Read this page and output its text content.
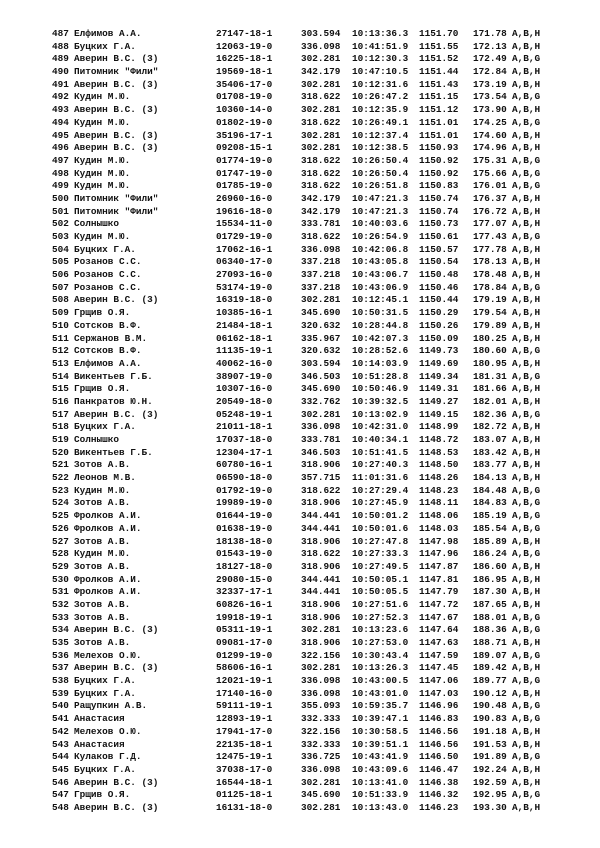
487 Елфимов А.А.	27147-18-1	303.594 10:13:36.3 1151.70 171.78 A,B,H
488 Буцких Г.А.	12063-19-0	336.098 10:41:51.9 1151.55 172.13 A,B,H
489 Аверин В.С. (3)	16225-18-1	302.281 10:12:30.3 1151.52 172.49 A,B,G
490 Питомник "Фили"	19569-18-1	342.179 10:47:10.5 1151.44 172.84 A,B,H
491 Аверин В.С. (3)	35406-17-0	302.281 10:12:31.6 1151.43 173.19 A,B,H
492 Кудин М.Ю.	01708-19-0	318.622 10:26:47.2 1151.15 173.54 A,B,G
493 Аверин В.С. (3)	10360-14-0	302.281 10:12:35.9 1151.12 173.90 A,B,H
494 Кудин М.Ю.	01802-19-0	318.622 10:26:49.1 1151.01 174.25 A,B,G
495 Аверин В.С. (3)	35196-17-1	302.281 10:12:37.4 1151.01 174.60 A,B,H
496 Аверин В.С. (3)	09208-15-1	302.281 10:12:38.5 1150.93 174.96 A,B,H
497 Кудин М.Ю.	01774-19-0	318.622 10:26:50.4 1150.92 175.31 A,B,G
498 Кудин М.Ю.	01747-19-0	318.622 10:26:50.4 1150.92 175.66 A,B,G
499 Кудин М.Ю.	01785-19-0	318.622 10:26:51.8 1150.83 176.01 A,B,G
500 Питомник "Фили"	26960-16-0	342.179 10:47:21.3 1150.74 176.37 A,B,H
501 Питомник "Фили"	19616-18-0	342.179 10:47:21.3 1150.74 176.72 A,B,H
502 Солнышко	15534-11-0	333.781 10:40:03.6 1150.73 177.07 A,B,H
503 Кудин М.Ю.	01729-19-0	318.622 10:26:54.9 1150.61 177.43 A,B,G
504 Буцких Г.А.	17062-16-1	336.098 10:42:06.8 1150.57 177.78 A,B,H
505 Розанов С.С.	06340-17-0	337.218 10:43:05.8 1150.54 178.13 A,B,H
506 Розанов С.С.	27093-16-0	337.218 10:43:06.7 1150.48 178.48 A,B,H
507 Розанов С.С.	53174-19-0	337.218 10:43:06.9 1150.46 178.84 A,B,G
508 Аверин В.С. (3)	16319-18-0	302.281 10:12:45.1 1150.44 179.19 A,B,H
509 Грщив О.Я.	10385-16-1	345.690 10:50:31.5 1150.29 179.54 A,B,H
510 Сотсков В.Ф.	21484-18-1	320.632 10:28:44.8 1150.26 179.89 A,B,H
511 Сержанов В.М.	06162-18-1	335.967 10:42:07.3 1150.09 180.25 A,B,H
512 Сотсков В.Ф.	11135-19-1	320.632 10:28:52.6 1149.73 180.60 A,B,G
513 Елфимов А.А.	40062-16-0	303.594 10:14:03.9 1149.69 180.95 A,B,H
514 Викентьев Г.Б.	38907-19-0	346.503 10:51:28.8 1149.34 181.31 A,B,G
515 Грщив О.Я.	10307-16-0	345.690 10:50:46.9 1149.31 181.66 A,B,H
516 Панкратов Ю.Н.	20549-18-0	332.762 10:39:32.5 1149.27 182.01 A,B,H
517 Аверин В.С. (3)	05248-19-1	302.281 10:13:02.9 1149.15 182.36 A,B,G
518 Буцких Г.А.	21011-18-1	336.098 10:42:31.0 1148.99 182.72 A,B,H
519 Солнышко	17037-18-0	333.781 10:40:34.1 1148.72 183.07 A,B,H
520 Викентьев Г.Б.	12304-17-1	346.503 10:51:41.5 1148.53 183.42 A,B,H
521 Зотов А.В.	60780-16-1	318.906 10:27:40.3 1148.50 183.77 A,B,H
522 Леонов М.В.	06590-18-0	357.715 11:01:31.6 1148.26 184.13 A,B,H
523 Кудин М.Ю.	01792-19-0	318.622 10:27:29.4 1148.23 184.48 A,B,G
524 Зотов А.В.	19989-19-0	318.906 10:27:45.9 1148.11 184.83 A,B,G
525 Фролков А.И.	01644-19-0	344.441 10:50:01.2 1148.06 185.19 A,B,G
526 Фролков А.И.	01638-19-0	344.441 10:50:01.6 1148.03 185.54 A,B,G
527 Зотов А.В.	18138-18-0	318.906 10:27:47.8 1147.98 185.89 A,B,H
528 Кудин М.Ю.	01543-19-0	318.622 10:27:33.3 1147.96 186.24 A,B,G
529 Зотов А.В.	18127-18-0	318.906 10:27:49.5 1147.87 186.60 A,B,H
530 Фролков А.И.	29080-15-0	344.441 10:50:05.1 1147.81 186.95 A,B,H
531 Фролков А.И.	32337-17-1	344.441 10:50:05.5 1147.79 187.30 A,B,H
532 Зотов А.В.	60826-16-1	318.906 10:27:51.6 1147.72 187.65 A,B,H
533 Зотов А.В.	19918-19-1	318.906 10:27:52.3 1147.67 188.01 A,B,G
534 Аверин В.С. (3)	05311-19-1	302.281 10:13:23.6 1147.64 188.36 A,B,G
535 Зотов А.В.	09081-17-0	318.906 10:27:53.0 1147.63 188.71 A,B,H
536 Мелехов О.Ю.	01299-19-0	322.156 10:30:43.4 1147.59 189.07 A,B,G
537 Аверин В.С. (3)	58606-16-1	302.281 10:13:26.3 1147.45 189.42 A,B,H
538 Буцких Г.А.	12021-19-1	336.098 10:43:00.5 1147.06 189.77 A,B,G
539 Буцких Г.А.	17140-16-0	336.098 10:43:01.0 1147.03 190.12 A,B,H
540 Ращупкин А.В.	59111-19-1	355.093 10:59:35.7 1146.96 190.48 A,B,G
541 Анастасия	12893-19-1	332.333 10:39:47.1 1146.83 190.83 A,B,G
542 Мелехов О.Ю.	17941-17-0	322.156 10:30:58.5 1146.56 191.18 A,B,H
543 Анастасия	22135-18-1	332.333 10:39:51.1 1146.56 191.53 A,B,H
544 Кулаков Г.Д.	12475-19-1	336.725 10:43:41.9 1146.50 191.89 A,B,G
545 Буцких Г.А.	37038-17-0	336.098 10:43:09.6 1146.47 192.24 A,B,H
546 Аверин В.С. (3)	16544-18-1	302.281 10:13:41.0 1146.38 192.59 A,B,H
547 Грщив О.Я.	01125-18-1	345.690 10:51:33.9 1146.32 192.95 A,B,G
548 Аверин В.С. (3)	16131-18-0	302.281 10:13:43.0 1146.23 193.30 A,B,H
